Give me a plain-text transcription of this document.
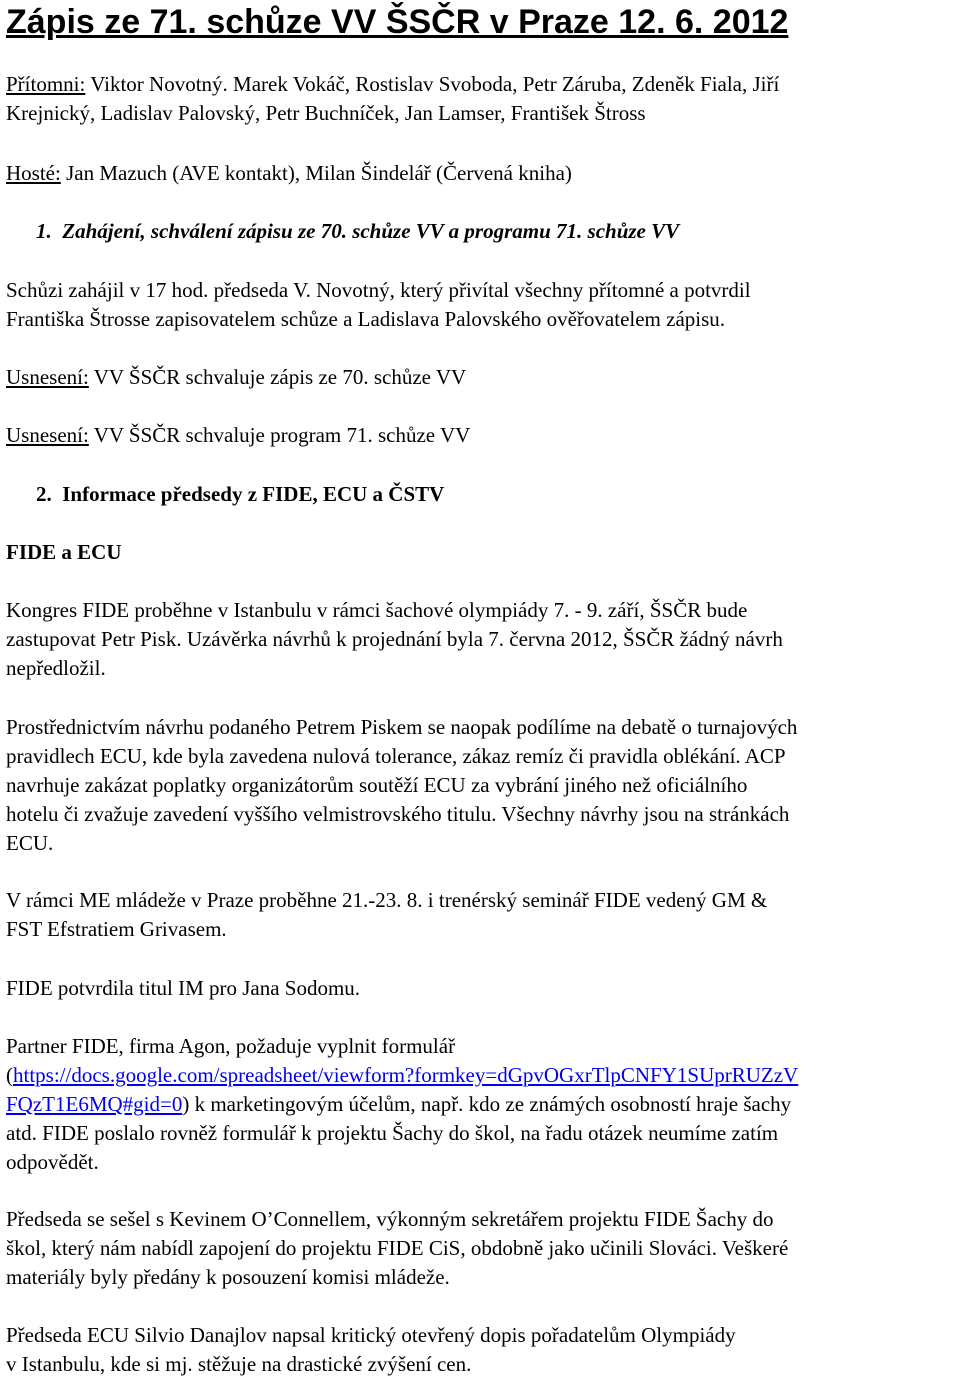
Zápis ze 71. schůze VV ŠSČR v Praze 12. 6. 2012
Přítomni: Viktor Novotný. Marek Vokáč, Rostislav Svoboda, Petr Záruba, Zdeněk Fiala, Jiří
Krejnický, Ladislav Palovský, Petr Buchníček, Jan Lamser, František Štross
Hosté: Jan Mazuch (AVE kontakt), Milan Šindelář (Červená kniha)
1.  Zahájení, schválení zápisu ze 70. schůze VV a programu 71. schůze VV
Schůzi zahájil v 17 hod. předseda V. Novotný, který přivítal všechny přítomné a potvrdil
Františka Štrosse zapisovatelem schůze a Ladislava Palovského ověřovatelem zápisu.
Usnesení: VV ŠSČR schvaluje zápis ze 70. schůze VV
Usnesení: VV ŠSČR schvaluje program 71. schůze VV
2.  Informace předsedy z FIDE, ECU a ČSTV
FIDE a ECU
Kongres FIDE proběhne v Istanbulu v rámci šachové olympiády 7. - 9. září, ŠSČR bude
zastupovat Petr Pisk. Uzávěrka návrhů k projednání byla 7. června 2012, ŠSČR žádný návrh
nepředložil.
Prostřednictvím návrhu podaného Petrem Piskem se naopak podílíme na debatě o turnajových
pravidlech ECU, kde byla zavedena nulová tolerance, zákaz remíz či pravidla oblékání. ACP
navrhuje zakázat poplatky organizátorům soutěží ECU za vybrání jiného než oficiálního
hotelu či zvažuje zavedení vyššího velmistrovského titulu. Všechny návrhy jsou na stránkách
ECU.
V rámci ME mládeže v Praze proběhne 21.-23. 8. i trenérský seminář FIDE vedený GM &
FST Efstratiem Grivasem.
FIDE potvrdila titul IM pro Jana Sodomu.
Partner FIDE, firma Agon, požaduje vyplnit formulář
(https://docs.google.com/spreadsheet/viewform?formkey=dGpvOGxrTlpCNFY1SUprRUZzV
FQzT1E6MQ#gid=0) k marketingovým účelům, např. kdo ze známých osobností hraje šachy
atd. FIDE poslalo rovněž formulář k projektu Šachy do škol, na řadu otázek neumíme zatím
odpovědět.
Předseda se sešel s Kevinem O’Connellem, výkonným sekretářem projektu FIDE Šachy do
škol, který nám nabídl zapojení do projektu FIDE CiS, obdobně jako učinili Slováci. Veškeré
materiály byly předány k posouzení komisi mládeže.
Předseda ECU Silvio Danajlov napsal kritický otevřený dopis pořadatelům Olympiády
v Istanbulu, kde si mj. stěžuje na drastické zvýšení cen.
